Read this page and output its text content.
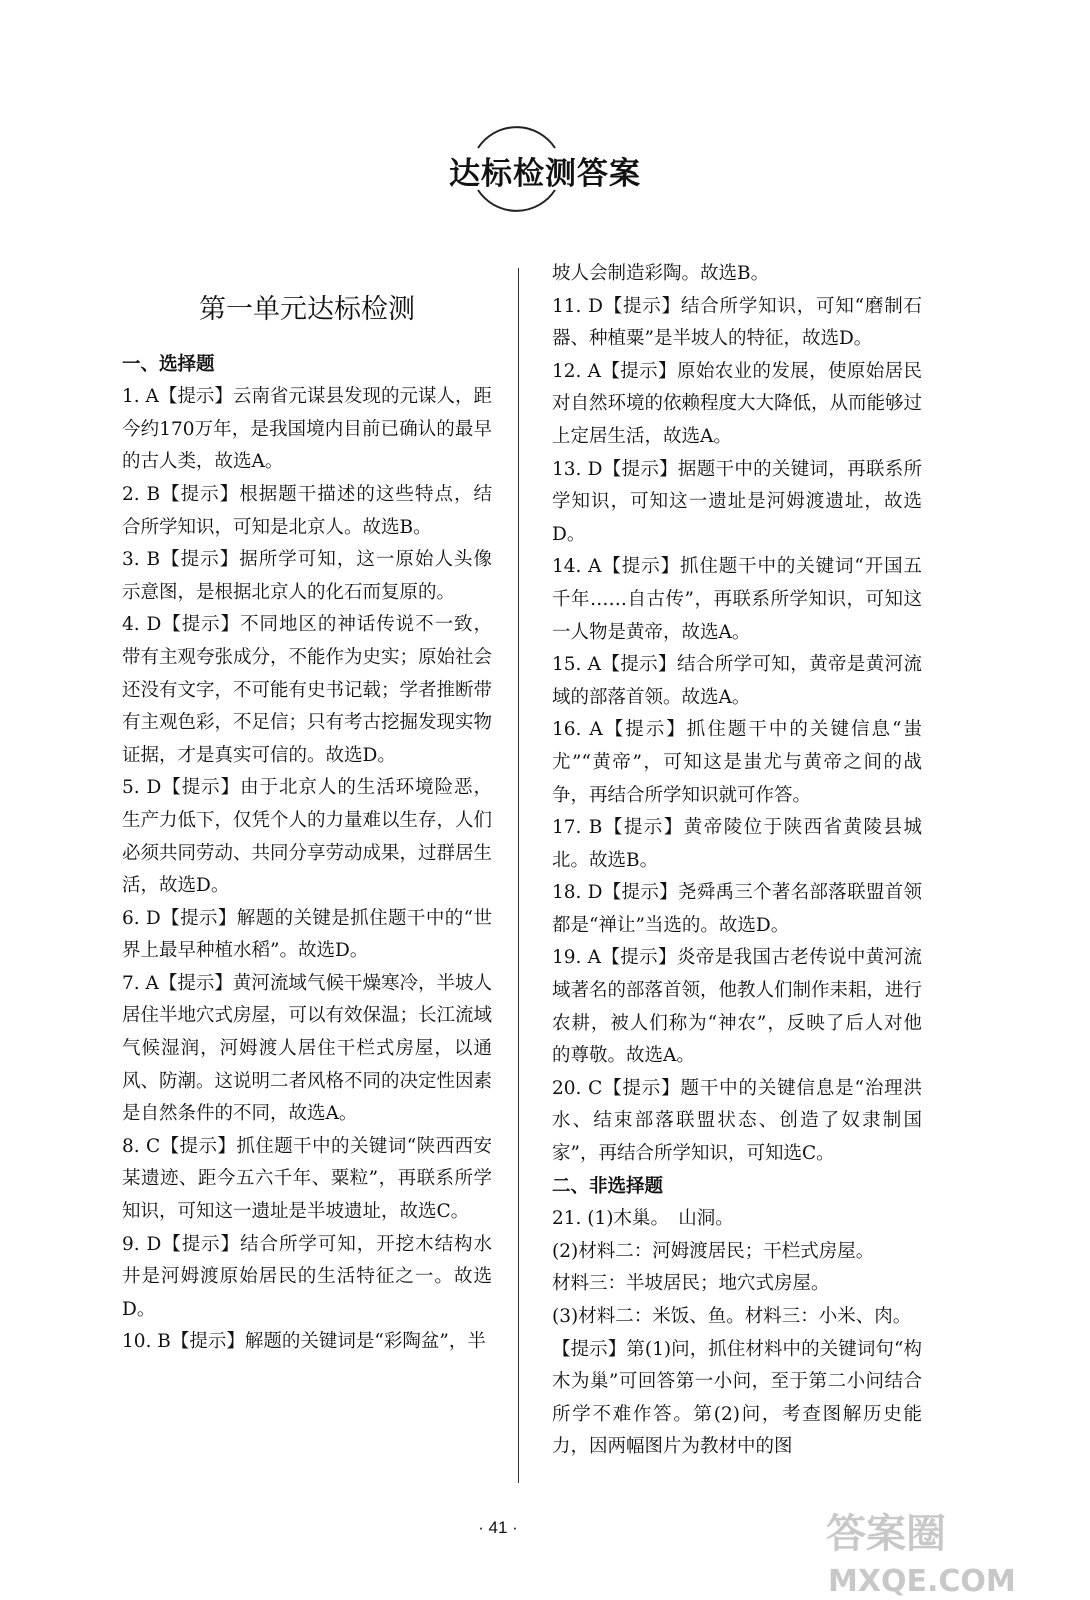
达标检测答案
第一单元达标检测
一、选择题
1. A【提示】云南省元谋县发现的元谋人，距今约170万年，是我国境内目前已确认的最早的古人类，故选A。
2. B【提示】根据题干描述的这些特点，结合所学知识，可知是北京人。故选B。
3. B【提示】据所学可知，这一原始人头像示意图，是根据北京人的化石而复原的。
4. D【提示】不同地区的神话传说不一致，带有主观夸张成分，不能作为史实；原始社会还没有文字，不可能有史书记载；学者推断带有主观色彩，不足信；只有考古挖掘发现实物证据，才是真实可信的。故选D。
5. D【提示】由于北京人的生活环境险恶，生产力低下，仅凭个人的力量难以生存，人们必须共同劳动、共同分享劳动成果，过群居生活，故选D。
6. D【提示】解题的关键是抓住题干中的“世界上最早种植水稻”。故选D。
7. A【提示】黄河流域气候干燥寒冷，半坡人居住半地穴式房屋，可以有效保温；长江流域气候湿润，河姆渡人居住干栏式房屋，以通风、防潮。这说明二者风格不同的决定性因素是自然条件的不同，故选A。
8. C【提示】抓住题干中的关键词“陕西西安某遗迹、距今五六千年、粟粒”，再联系所学知识，可知这一遗址是半坡遗址，故选C。
9. D【提示】结合所学可知，开挖木结构水井是河姆渡原始居民的生活特征之一。故选D。
10. B【提示】解题的关键词是“彩陶盆”，半
坡人会制造彩陶。故选B。
11. D【提示】结合所学知识，可知“磨制石器、种植粟”是半坡人的特征，故选D。
12. A【提示】原始农业的发展，使原始居民对自然环境的依赖程度大大降低，从而能够过上定居生活，故选A。
13. D【提示】据题干中的关键词，再联系所学知识，可知这一遗址是河姆渡遗址，故选D。
14. A【提示】抓住题干中的关键词“开国五千年……自古传”，再联系所学知识，可知这一人物是黄帝，故选A。
15. A【提示】结合所学可知，黄帝是黄河流域的部落首领。故选A。
16. A【提示】抓住题干中的关键信息“蚩尤”“黄帝”，可知这是蚩尤与黄帝之间的战争，再结合所学知识就可作答。
17. B【提示】黄帝陵位于陕西省黄陵县城北。故选B。
18. D【提示】尧舜禹三个著名部落联盟首领都是“禅让”当选的。故选D。
19. A【提示】炎帝是我国古老传说中黄河流域著名的部落首领，他教人们制作耒耜，进行农耕，被人们称为“神农”，反映了后人对他的尊敬。故选A。
20. C【提示】题干中的关键信息是“治理洪水、结束部落联盟状态、创造了奴隶制国家”，再结合所学知识，可知选C。
二、非选择题
21. (1)木巢。　山洞。
(2)材料二：河姆渡居民；干栏式房屋。
材料三：半坡居民；地穴式房屋。
(3)材料二：米饭、鱼。材料三：小米、肉。
【提示】第(1)问，抓住材料中的关键词句“构木为巢”可回答第一小问，至于第二小问结合所学不难作答。第(2)问，考查图解历史能力，因两幅图片为教材中的图
· 41 ·	答案圈
MXQE.COM
